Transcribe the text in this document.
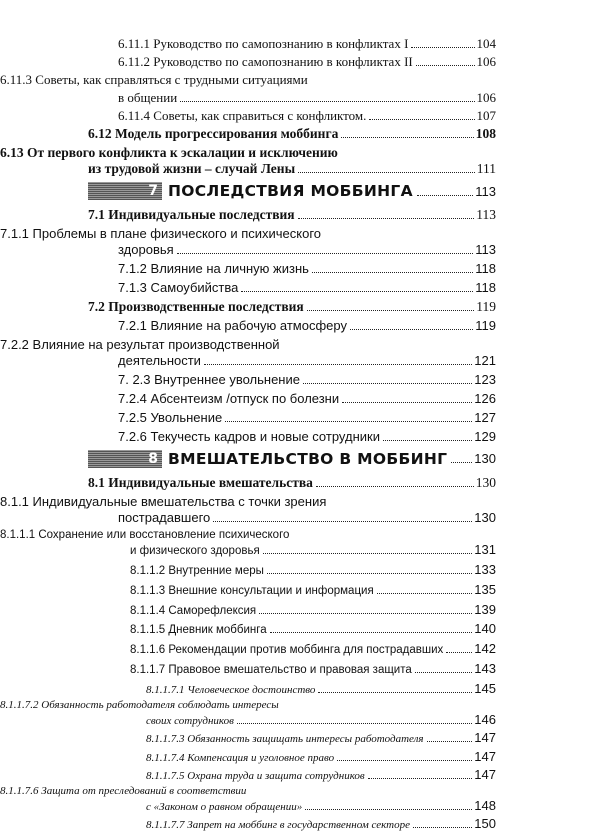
6.11.1 Руководство по самопознанию в конфликтах I	104
6.11.2 Руководство по самопознанию в конфликтах II	106
6.11.3 Советы, как справляться с трудными ситуациями
в общении	106
6.11.4 Советы, как справиться с конфликтом.	107
6.12 Модель прогрессирования моббинга	108
6.13 От первого конфликта к эскалации и исключению
из трудовой жизни – случай Лены	111
7 ПОСЛЕДСТВИЯ МОББИНГА	113
7.1 Индивидуальные последствия	113
7.1.1 Проблемы в плане физического и психического
здоровья	113
7.1.2 Влияние на личную жизнь	118
7.1.3 Самоубийства	118
7.2 Производственные последствия	119
7.2.1 Влияние на рабочую атмосферу	119
7.2.2 Влияние на результат производственной
деятельности	121
7. 2.3 Внутреннее увольнение	123
7.2.4 Абсентеизм /отпуск по болезни	126
7.2.5 Увольнение	127
7.2.6 Текучесть кадров и новые сотрудники	129
8 ВМЕШАТЕЛЬСТВО В МОББИНГ 130
8.1 Индивидуальные вмешательства	130
8.1.1 Индивидуальные вмешательства с точки зрения
пострадавшего	130
8.1.1.1 Сохранение или восстановление психического
и физического здоровья	131
8.1.1.2 Внутренние меры	133
8.1.1.3 Внешние консультации и информация	135
8.1.1.4 Саморефлексия	139
8.1.1.5 Дневник моббинга	140
8.1.1.6 Рекомендации против моббинга для пострадавших 142
8.1.1.7 Правовое вмешательство и правовая защита	143
8.1.1.7.1 Человеческое достоинство	145
8.1.1.7.2 Обязанность работодателя соблюдать интересы
своих сотрудников	146
8.1.1.7.3 Обязанность защищать интересы работодателя	147
8.1.1.7.4 Компенсация и уголовное право	147
8.1.1.7.5 Охрана труда и защита сотрудников	147
8.1.1.7.6 Защита от преследований в соответствии
с «Законом о равном обращении»	148
8.1.1.7.7 Запрет на моббинг в государственном секторе	150
